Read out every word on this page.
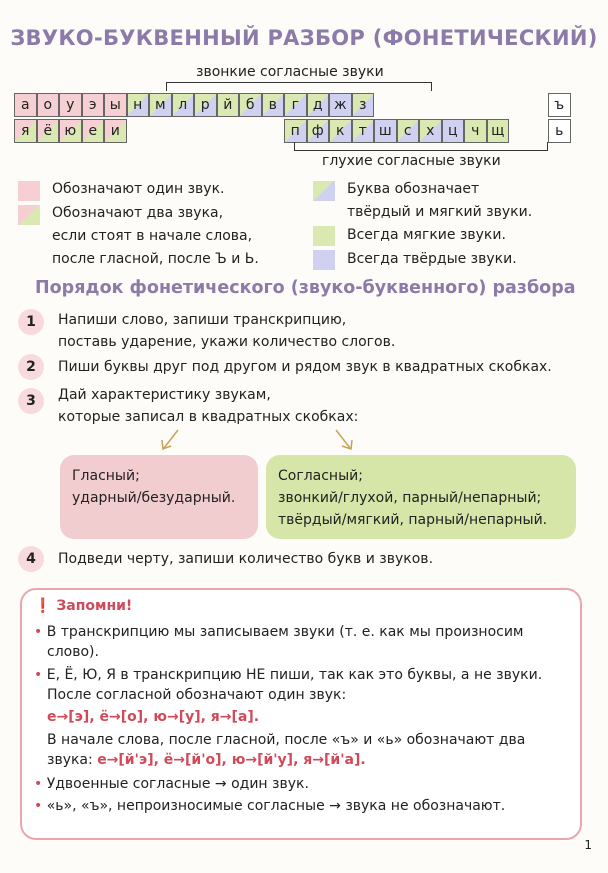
ЗВУКО-БУКВЕННЫЙ РАЗБОР (ФОНЕТИЧЕСКИЙ)
звонкие согласные звуки
а о	у	э ы н м л р й б	в	г д ж з	ъ
я ё ю е и	п ф к	т ш с	х ц ч щ	ь
глухие согласные звуки
Обозначают один звук.
Обозначают два звука,
если стоят в начале слова,
после гласной, после Ъ и Ь.
Буква обозначает
твёрдый и мягкий звуки.
Всегда мягкие звуки.
Всегда твёрдые звуки.
Порядок фонетического (звуко-буквенного) разбора
1	Напиши слово, запиши транскрипцию,
поставь ударение, укажи количество слогов.
2	Пиши буквы друг под другом и рядом звук в квадратных скобках.
3	Дай характеристику звукам,
которые записал в квадратных скобках:
Гласный;
ударный/безударный.
Согласный;
звонкий/глухой, парный/непарный;
твёрдый/мягкий, парный/непарный.
4	Подведи черту, запиши количество букв и звуков.
❗ Запомни!
• В транскрипцию мы записываем звуки (т. е. как мы произносим
слово).
• Е, Ё, Ю, Я в транскрипцию НЕ пиши, так как это буквы, а не звуки.
После согласной обозначают один звук:
е→[э], ё→[о], ю→[у], я→[а].
В начале слова, после гласной, после «ъ» и «ь» обозначают два
звука: е→[й'э], ё→[й'о], ю→[й'у], я→[й'а].
• Удвоенные согласные → один звук.
• «ь», «ъ», непроизносимые согласные → звука не обозначают.
1
